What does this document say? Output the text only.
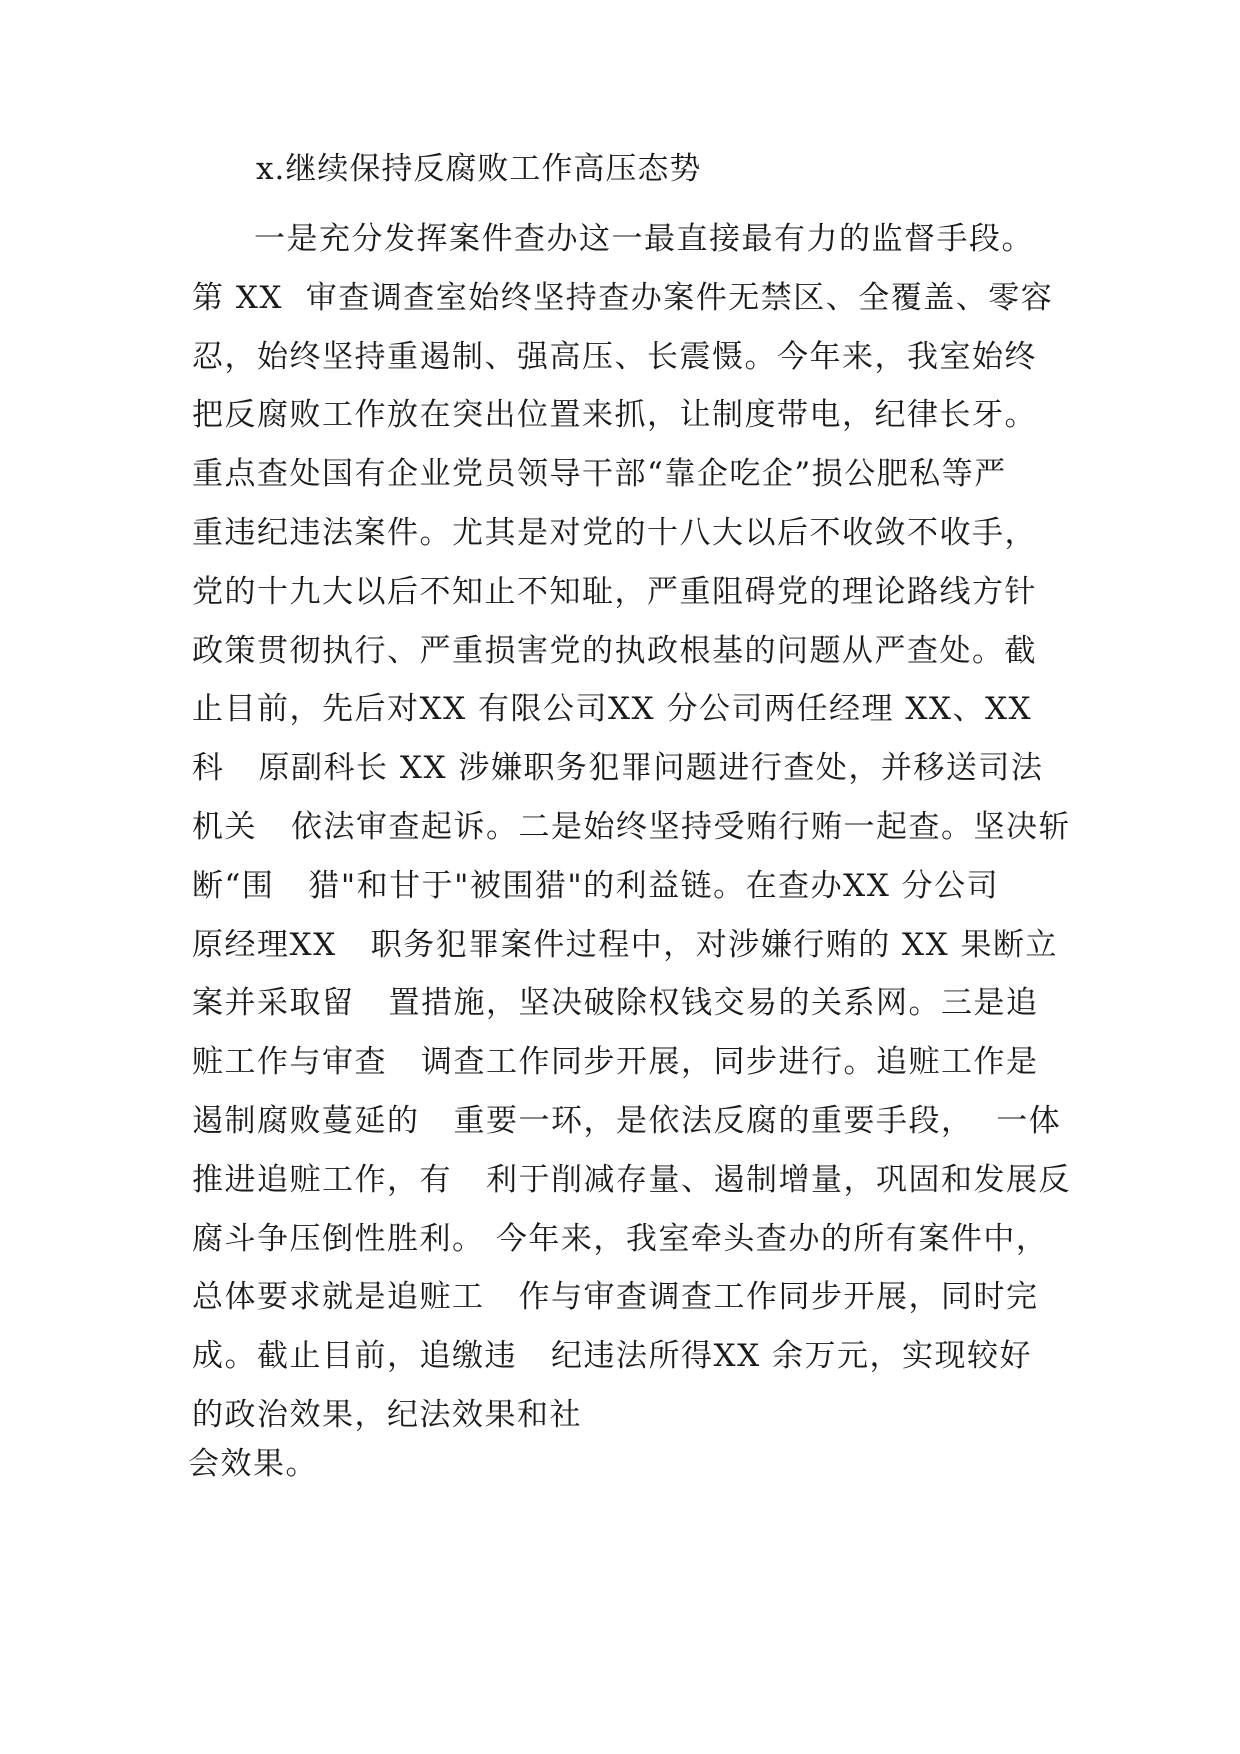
x.继续保持反腐败工作高压态势
一是充分发挥案件查办这一最直接最有力的监督手段。
第 XX  审查调查室始终坚持查办案件无禁区、全覆盖、零容
忍，始终坚持重遏制、强高压、长震慑。今年来，我室始终
把反腐败工作放在突出位置来抓，让制度带电，纪律长牙。
重点查处国有企业党员领导干部“靠企吃企”损公肥私等严
重违纪违法案件。尤其是对党的十八大以后不收敛不收手，
党的十九大以后不知止不知耻，严重阻碍党的理论路线方针
政策贯彻执行、严重损害党的执政根基的问题从严查处。截
止目前，先后对XX 有限公司XX 分公司两任经理 XX、XX
科   原副科长 XX 涉嫌职务犯罪问题进行查处，并移送司法
机关   依法审查起诉。二是始终坚持受贿行贿一起查。坚决斩
断“围   猎"和甘于"被围猎"的利益链。在查办XX 分公司
原经理XX   职务犯罪案件过程中，对涉嫌行贿的 XX 果断立
案并采取留   置措施，坚决破除权钱交易的关系网。三是追
赃工作与审查   调查工作同步开展，同步进行。追赃工作是
遏制腐败蔓延的   重要一环，是依法反腐的重要手段，  一体
推进追赃工作，有   利于削减存量、遏制增量，巩固和发展反
腐斗争压倒性胜利。 今年来，我室牵头查办的所有案件中，
总体要求就是追赃工   作与审查调查工作同步开展，同时完
成。截止目前，追缴违   纪违法所得XX 余万元，实现较好
的政治效果，纪法效果和社
会效果。
